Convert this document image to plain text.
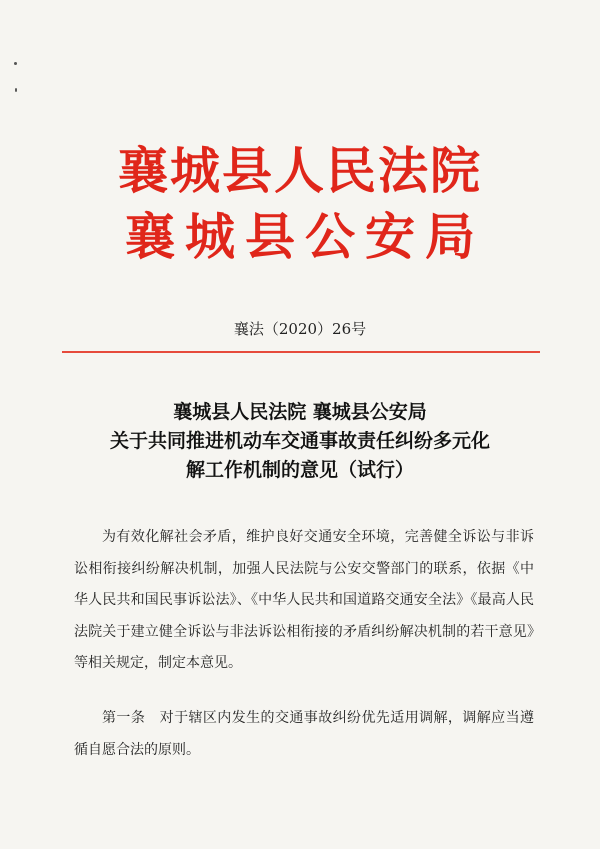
襄城县人民法院
襄城县公安局
襄法（2020）26号
襄城县人民法院 襄城县公安局
关于共同推进机动车交通事故责任纠纷多元化
解工作机制的意见（试行）
为有效化解社会矛盾，维护良好交通安全环境，完善健全诉讼与非诉讼相衔接纠纷解决机制，加强人民法院与公安交警部门的联系，依据《中华人民共和国民事诉讼法》、《中华人民共和国道路交通安全法》《最高人民法院关于建立健全诉讼与非法诉讼相衔接的矛盾纠纷解决机制的若干意见》等相关规定，制定本意见。
第一条　对于辖区内发生的交通事故纠纷优先适用调解，调解应当遵循自愿合法的原则。
